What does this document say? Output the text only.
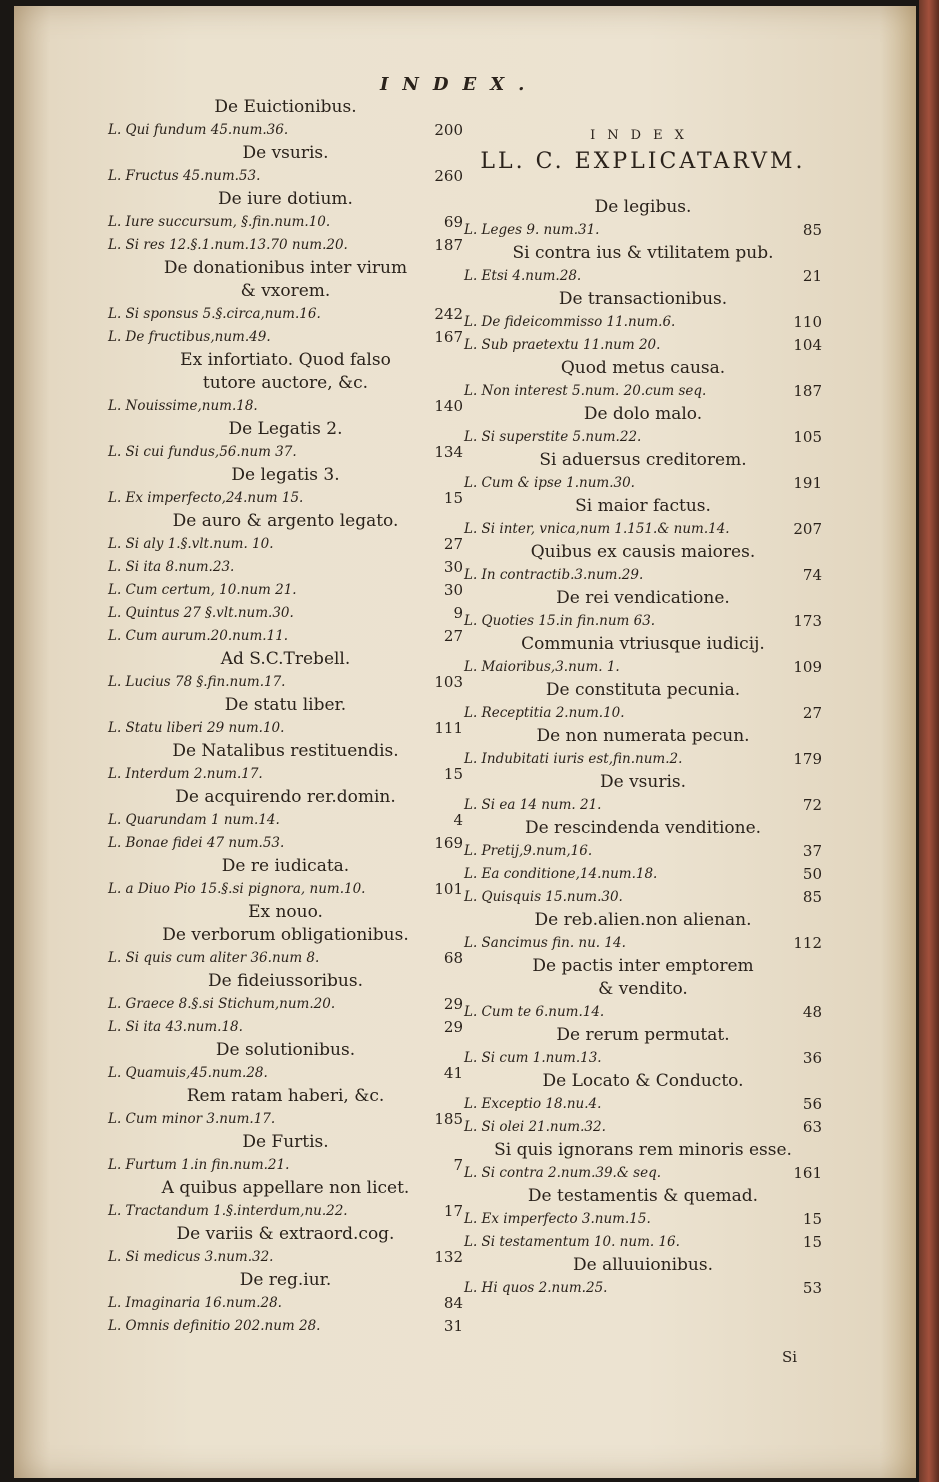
INDEX.
De Euictionibus.
L. Qui fundum 45.num.36.	200
De vsuris.
L. Fructus 45.num.53.	260
De iure dotium.
L. Iure succursum, §.fin.num.10.	69
L. Si res 12.§.1.num.13.70 num.20.	187
De donationibus inter virum
& vxorem.
L. Si sponsus 5.§.circa,num.16.	242
L. De fructibus,num.49.	167
Ex infortiato. Quod falso
tutore auctore, &c.
L. Nouissime,num.18.	140
De Legatis 2.
L. Si cui fundus,56.num 37.	134
De legatis 3.
L. Ex imperfecto,24.num 15.	15
De auro & argento legato.
L. Si aly 1.§.vlt.num. 10.	27
L. Si ita 8.num.23.	30
L. Cum certum, 10.num 21.	30
L. Quintus 27 §.vlt.num.30.	9
L. Cum aurum.20.num.11.	27
Ad S.C.Trebell.
L. Lucius 78 §.fin.num.17.	103
De statu liber.
L. Statu liberi 29 num.10.	111
De Natalibus restituendis.
L. Interdum 2.num.17.	15
De acquirendo rer.domin.
L. Quarundam 1 num.14.	4
L. Bonae fidei 47 num.53.	169
De re iudicata.
L. a Diuo Pio 15.§.si pignora, num.10.	101
Ex nouo.
De verborum obligationibus.
L. Si quis cum aliter 36.num 8.	68
De fideiussoribus.
L. Graece 8.§.si Stichum,num.20.	29
L. Si ita 43.num.18.	29
De solutionibus.
L. Quamuis,45.num.28.	41
Rem ratam haberi, &c.
L. Cum minor 3.num.17.	185
De Furtis.
L. Furtum 1.in fin.num.21.	7
A quibus appellare non licet.
L. Tractandum 1.§.interdum,nu.22.	17
De variis & extraord.cog.
L. Si medicus 3.num.32.	132
De reg.iur.
L. Imaginaria 16.num.28.	84
L. Omnis definitio 202.num 28.	31
INDEX
LL. C. EXPLICATARVM.
De legibus.
L. Leges 9. num.31.	85
Si contra ius & vtilitatem pub.
L. Etsi 4.num.28.	21
De transactionibus.
L. De fideicommisso 11.num.6.	110
L. Sub praetextu 11.num 20.	104
Quod metus causa.
L. Non interest 5.num. 20.cum seq.	187
De dolo malo.
L. Si superstite 5.num.22.	105
Si aduersus creditorem.
L. Cum & ipse 1.num.30.	191
Si maior factus.
L. Si inter, vnica,num 1.151.& num.14.	207
Quibus ex causis maiores.
L. In contractib.3.num.29.	74
De rei vendicatione.
L. Quoties 15.in fin.num 63.	173
Communia vtriusque iudicij.
L. Maioribus,3.num. 1.	109
De constituta pecunia.
L. Receptitia 2.num.10.	27
De non numerata pecun.
L. Indubitati iuris est,fin.num.2.	179
De vsuris.
L. Si ea 14 num. 21.	72
De rescindenda venditione.
L. Pretij,9.num,16.	37
L. Ea conditione,14.num.18.	50
L. Quisquis 15.num.30.	85
De reb.alien.non alienan.
L. Sancimus fin. nu. 14.	112
De pactis inter emptorem
& vendito.
L. Cum te 6.num.14.	48
De rerum permutat.
L. Si cum 1.num.13.	36
De Locato & Conducto.
L. Exceptio 18.nu.4.	56
L. Si olei 21.num.32.	63
Si quis ignorans rem minoris esse.
L. Si contra 2.num.39.& seq.	161
De testamentis & quemad.
L. Ex imperfecto 3.num.15.	15
L. Si testamentum 10. num. 16.	15
De alluuionibus.
L. Hi quos 2.num.25.	53
Si
